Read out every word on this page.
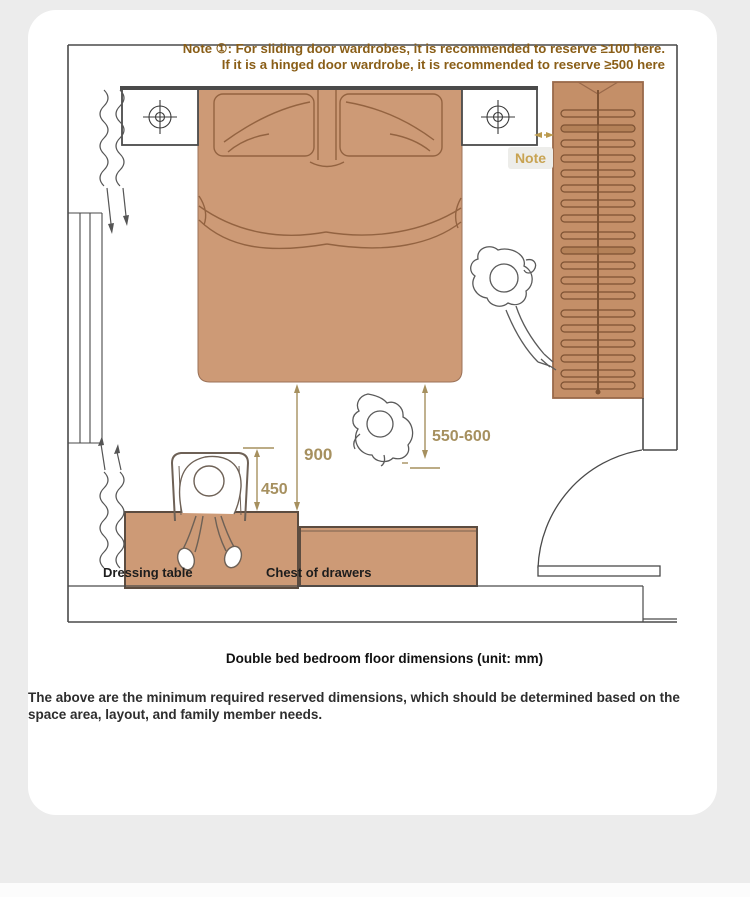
900
450
550-600
Note ①: For sliding door wardrobes, it is recommended to reserve ≥100 here.
If it is a hinged door wardrobe, it is recommended to reserve ≥500 here
Note
Dressing table	Chest of drawers
Double bed bedroom floor dimensions (unit: mm)
The above are the minimum required reserved dimensions, which should be determined based on the space area, layout, and family member needs.
